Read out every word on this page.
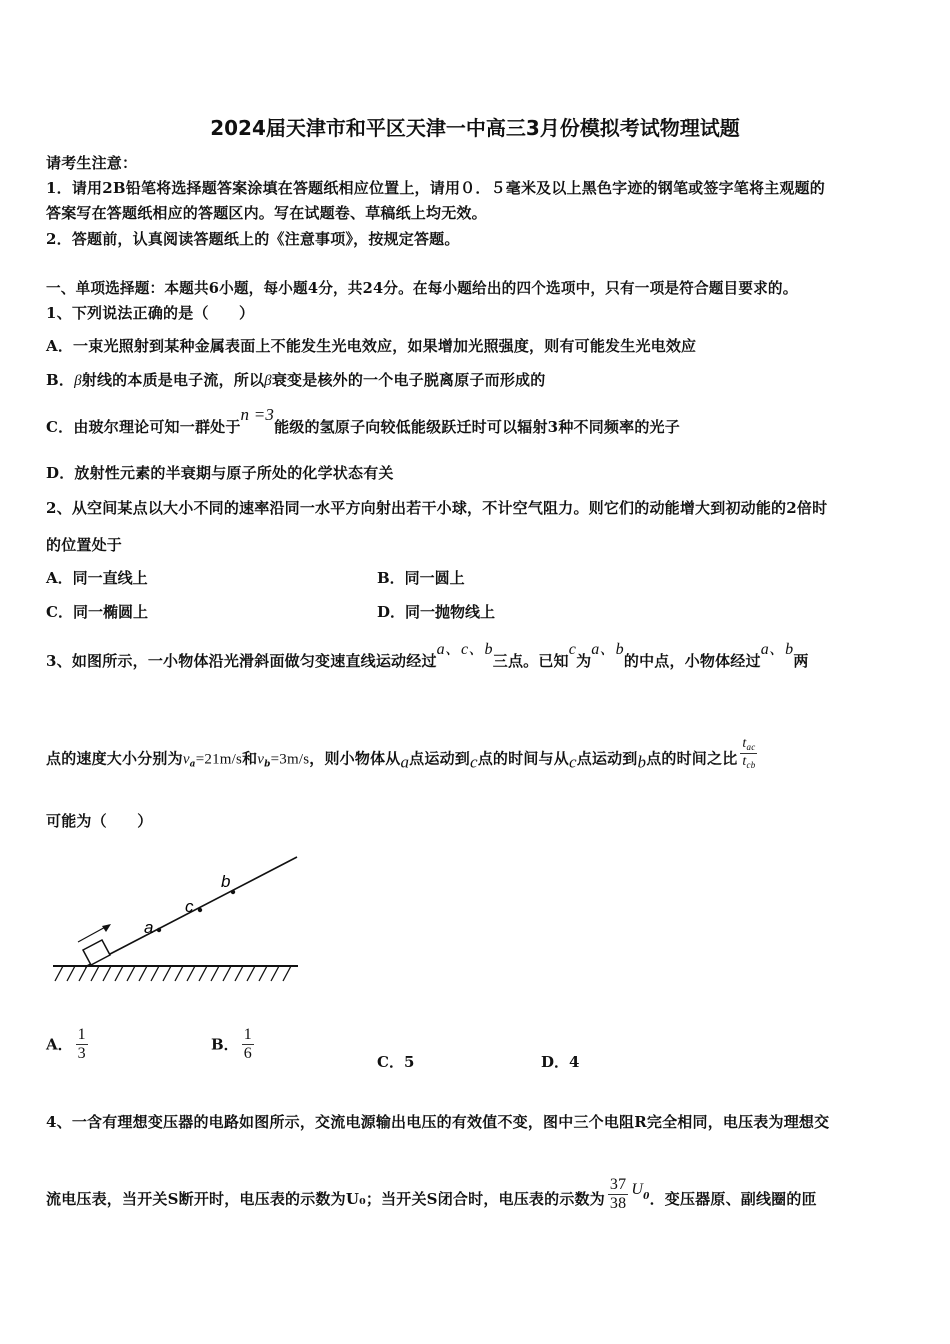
2024届天津市和平区天津一中高三3月份模拟考试物理试题
请考生注意：
1．请用2B铅笔将选择题答案涂填在答题纸相应位置上，请用０．５毫米及以上黑色字迹的钢笔或签字笔将主观题的
答案写在答题纸相应的答题区内。写在试题卷、草稿纸上均无效。
2．答题前，认真阅读答题纸上的《注意事项》，按规定答题。
一、单项选择题：本题共6小题，每小题4分，共24分。在每小题给出的四个选项中，只有一项是符合题目要求的。
1、下列说法正确的是（　　）
A．一束光照射到某种金属表面上不能发生光电效应，如果增加光照强度，则有可能发生光电效应
B．β射线的本质是电子流，所以β衰变是核外的一个电子脱离原子而形成的
C．由玻尔理论可知一群处于n =3能级的氢原子向较低能级跃迁时可以辐射3种不同频率的光子
D．放射性元素的半衰期与原子所处的化学状态有关
2、从空间某点以大小不同的速率沿同一水平方向射出若干小球，不计空气阻力。则它们的动能增大到初动能的2倍时
的位置处于
A．同一直线上	B．同一圆上
C．同一椭圆上	D．同一抛物线上
3、如图所示，一小物体沿光滑斜面做匀变速直线运动经过a、c、b三点。已知c为a、b的中点，小物体经过a、b两
点的速度大小分别为$v_a=21m/s$和$v_b=3m/s$，则小物体从a点运动到c点的时间与从c点运动到b点的时间之比 $\frac{t_{ac}}{t_{cb}}$
可能为（　　）
a
c
b
A． $\frac{1}{3}$	B． $\frac{1}{6}$	C．5	D．4
4、一含有理想变压器的电路如图所示，交流电源输出电压的有效值不变，图中三个电阻R完全相同，电压表为理想交
流电压表，当开关S断开时，电压表的示数为U₀；当开关S闭合时，电压表的示数为 $\frac{37}{38} U^0$．变压器原、副线圈的匝
